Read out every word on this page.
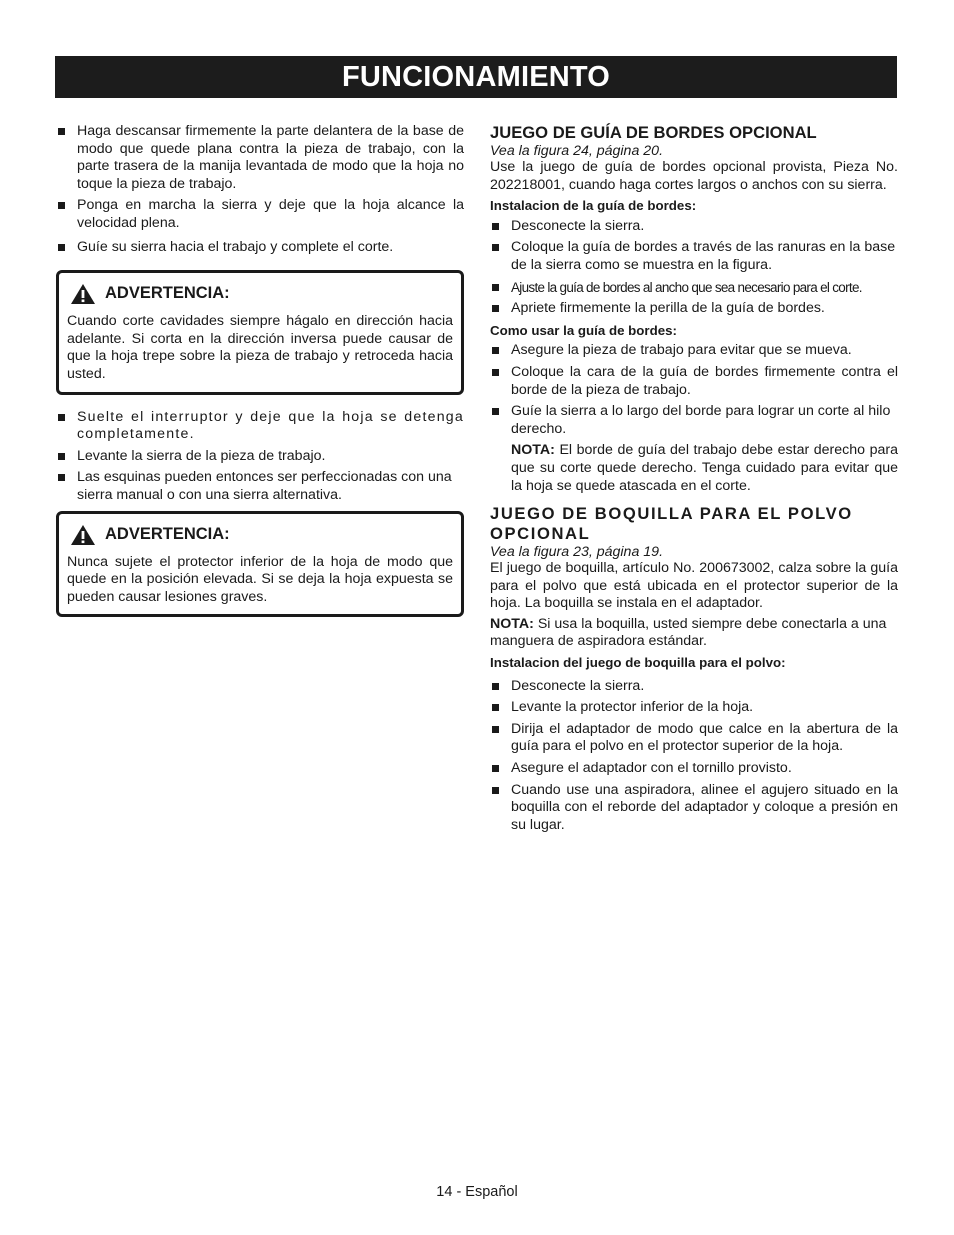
FUNCIONAMIENTO
Haga descansar firmemente la parte delantera de la base de modo que quede plana contra la pieza de trabajo, con la parte trasera de la manija levantada de modo que la hoja no toque la pieza de trabajo.
Ponga en marcha la sierra y deje que la hoja alcance la velocidad plena.
Guíe su sierra hacia el trabajo y complete el corte.
ADVERTENCIA:

Cuando corte cavidades siempre hágalo en dirección hacia adelante. Si corta en la dirección inversa puede causar de que la hoja trepe sobre la pieza de trabajo y retroceda hacia usted.

Suelte el interruptor y deje que la hoja se detenga completamente.
Levante la sierra de la pieza de trabajo.
Las esquinas pueden entonces ser perfeccionadas con una sierra manual o con una sierra alternativa.
ADVERTENCIA:

Nunca sujete el protector inferior de la hoja de modo que quede en la posición elevada. Si se deja la hoja expuesta se pueden causar lesiones graves.

JUEGO DE GUÍA DE BORDES OPCIONAL

Vea la figura 24, página 20.

Use la juego de guía de bordes opcional provista, Pieza No. 202218001, cuando haga cortes largos o anchos con su sierra.

Instalacion de la guía de bordes:
Desconecte la sierra.
Coloque la guía de bordes a través de las ranuras en la base de la sierra como se muestra en la figura.
Ajuste la guía de bordes al ancho que sea necesario para el corte.
Apriete firmemente la perilla de la guía de bordes.
Como usar la guía de bordes:
Asegure la pieza de trabajo para evitar que se mueva.
Coloque la cara de la guía de bordes firmemente contra el borde de la pieza de trabajo.
Guíe la sierra a lo largo del borde para lograr un corte al hilo derecho.

NOTA: El borde de guía del trabajo debe estar derecho para que su corte quede derecho. Tenga cuidado para evitar que la hoja se quede atascada en el corte.

JUEGO DE BOQUILLA PARA EL POLVO OPCIONAL

Vea la figura 23, página 19.

El juego de boquilla, artículo No. 200673002, calza sobre la guía para el polvo que está ubicada en el protector superior de la hoja. La boquilla se instala en el adaptador.

NOTA: Si usa la boquilla, usted siempre debe conectarla a una manguera de aspiradora estándar.

Instalacion del juego de boquilla para el polvo:
Desconecte la sierra.
Levante la protector inferior de la hoja.
Dirija el adaptador de modo que calce en la abertura de la guía para el polvo en el protector superior de la hoja.
Asegure el adaptador con el tornillo provisto.
Cuando use una aspiradora, alinee el agujero situado en la boquilla con el reborde del adaptador y coloque a presión en su lugar.
14 - Español
